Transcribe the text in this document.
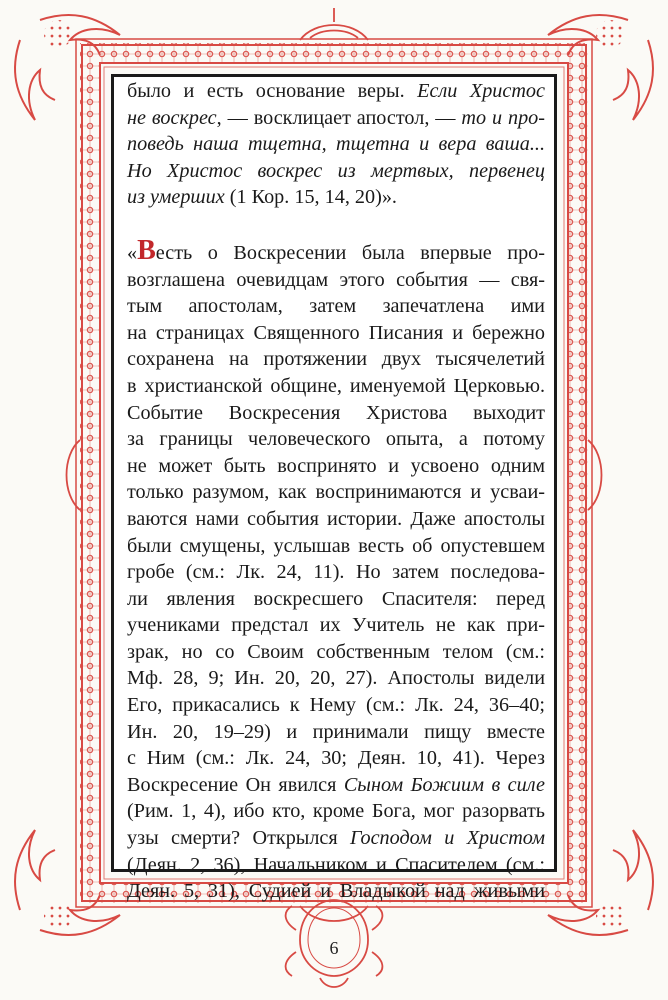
было и есть основание веры. Если Христос
не воскрес, — восклицает апостол, — то и про-
поведь наша тщетна, тщетна и вера ваша...
Но Христос воскрес из мертвых, первенец
из умерших (1 Кор. 15, 14, 20)».
«Весть о Воскресении была впервые про-
возглашена очевидцам этого события — свя-
тым апостолам, затем запечатлена ими
на страницах Священного Писания и бережно
сохранена на протяжении двух тысячелетий
в христианской общине, именуемой Церковью.
Событие Воскресения Христова выходит
за границы человеческого опыта, а потому
не может быть воспринято и усвоено одним
только разумом, как воспринимаются и усваи-
ваются нами события истории. Даже апостолы
были смущены, услышав весть об опустевшем
гробе (см.: Лк. 24, 11). Но затем последова-
ли явления воскресшего Спасителя: перед
учениками предстал их Учитель не как при-
зрак, но со Своим собственным телом (см.:
Мф. 28, 9; Ин. 20, 20, 27). Апостолы видели
Его, прикасались к Нему (см.: Лк. 24, 36–40;
Ин. 20, 19–29) и принимали пищу вместе
с Ним (см.: Лк. 24, 30; Деян. 10, 41). Через
Воскресение Он явился Сыном Божиим в силе
(Рим. 1, 4), ибо кто, кроме Бога, мог разорвать
узы смерти? Открылся Господом и Христом
(Деян. 2, 36), Начальником и Спасителем (см.:
Деян. 5, 31), Судией и Владыкой над живыми
6
